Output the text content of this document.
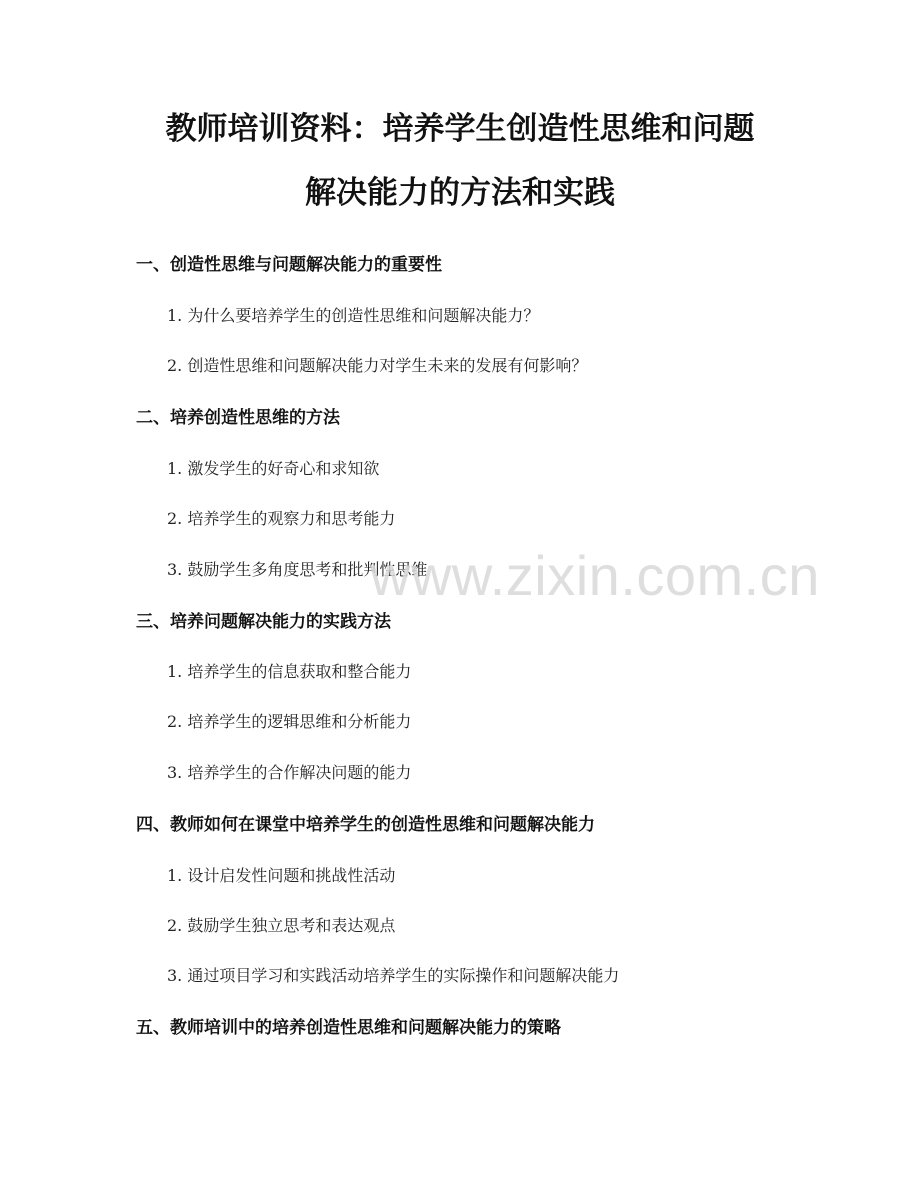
教师培训资料：培养学生创造性思维和问题
解决能力的方法和实践
一、创造性思维与问题解决能力的重要性
1. 为什么要培养学生的创造性思维和问题解决能力？
2. 创造性思维和问题解决能力对学生未来的发展有何影响？
二、培养创造性思维的方法
1. 激发学生的好奇心和求知欲
2. 培养学生的观察力和思考能力
3. 鼓励学生多角度思考和批判性思维
三、培养问题解决能力的实践方法
1. 培养学生的信息获取和整合能力
2. 培养学生的逻辑思维和分析能力
3. 培养学生的合作解决问题的能力
四、教师如何在课堂中培养学生的创造性思维和问题解决能力
1. 设计启发性问题和挑战性活动
2. 鼓励学生独立思考和表达观点
3. 通过项目学习和实践活动培养学生的实际操作和问题解决能力
五、教师培训中的培养创造性思维和问题解决能力的策略
www.zixin.com.cn
